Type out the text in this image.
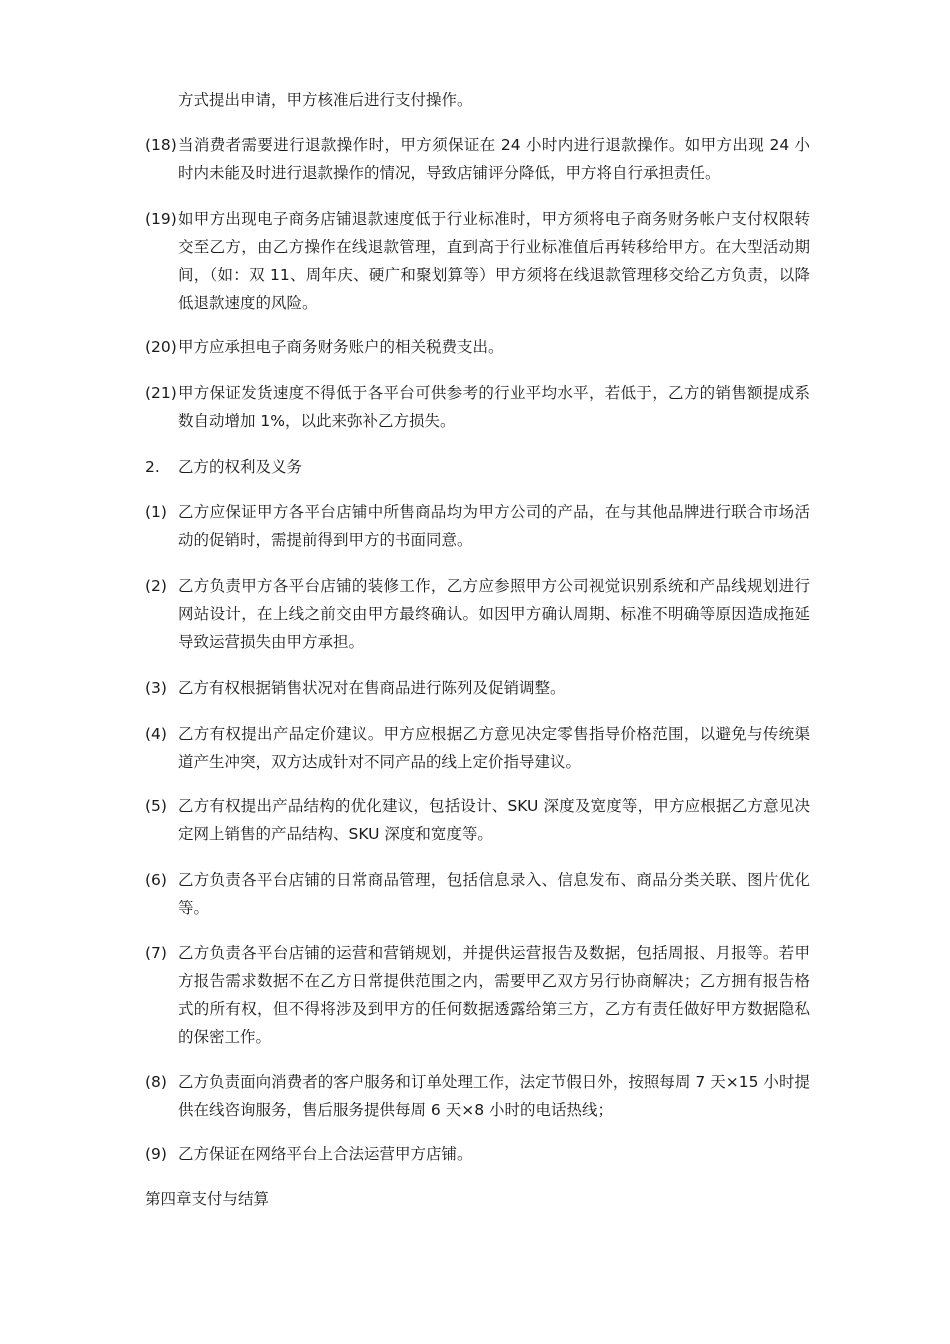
方式提出申请，甲方核准后进行支付操作。
(18) 当消费者需要进行退款操作时，甲方须保证在 24 小时内进行退款操作。如甲方出现 24 小时内未能及时进行退款操作的情况，导致店铺评分降低，甲方将自行承担责任。
(19) 如甲方出现电子商务店铺退款速度低于行业标准时，甲方须将电子商务财务帐户支付权限转交至乙方，由乙方操作在线退款管理，直到高于行业标准值后再转移给甲方。在大型活动期间，（如：双 11、周年庆、硬广和聚划算等）甲方须将在线退款管理移交给乙方负责，以降低退款速度的风险。
(20) 甲方应承担电子商务财务账户的相关税费支出。
(21) 甲方保证发货速度不得低于各平台可供参考的行业平均水平，若低于，乙方的销售额提成系数自动增加 1%，以此来弥补乙方损失。
2.	乙方的权利及义务
(1) 乙方应保证甲方各平台店铺中所售商品均为甲方公司的产品，在与其他品牌进行联合市场活动的促销时，需提前得到甲方的书面同意。
(2) 乙方负责甲方各平台店铺的装修工作，乙方应参照甲方公司视觉识别系统和产品线规划进行网站设计，在上线之前交由甲方最终确认。如因甲方确认周期、标准不明确等原因造成拖延导致运营损失由甲方承担。
(3) 乙方有权根据销售状况对在售商品进行陈列及促销调整。
(4) 乙方有权提出产品定价建议。甲方应根据乙方意见决定零售指导价格范围，以避免与传统渠道产生冲突，双方达成针对不同产品的线上定价指导建议。
(5) 乙方有权提出产品结构的优化建议，包括设计、SKU 深度及宽度等，甲方应根据乙方意见决定网上销售的产品结构、SKU 深度和宽度等。
(6) 乙方负责各平台店铺的日常商品管理，包括信息录入、信息发布、商品分类关联、图片优化等。
(7) 乙方负责各平台店铺的运营和营销规划，并提供运营报告及数据，包括周报、月报等。若甲方报告需求数据不在乙方日常提供范围之内，需要甲乙双方另行协商解决；乙方拥有报告格式的所有权，但不得将涉及到甲方的任何数据透露给第三方，乙方有责任做好甲方数据隐私的保密工作。
(8) 乙方负责面向消费者的客户服务和订单处理工作，法定节假日外，按照每周 7 天×15 小时提供在线咨询服务，售后服务提供每周 6 天×8 小时的电话热线；
(9) 乙方保证在网络平台上合法运营甲方店铺。
第四章支付与结算
